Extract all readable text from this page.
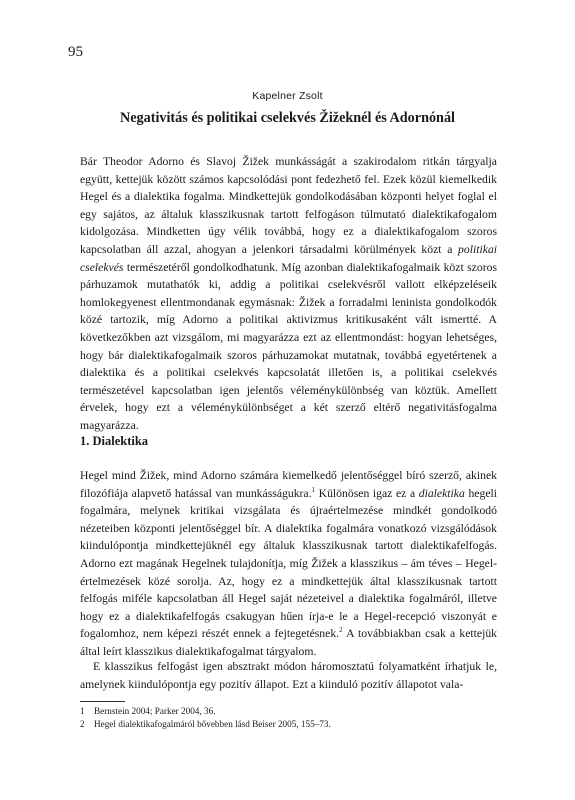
95
Kapelner Zsolt
Negativitás és politikai cselekvés Žižeknél és Adornónál

Bár Theodor Adorno és Slavoj Žižek munkásságát a szakirodalom ritkán tárgyalja együtt, kettejük között számos kapcsolódási pont fedezhető fel. Ezek közül kiemelkedik Hegel és a dialektika fogalma. Mindkettejük gondolkodásában központi helyet foglal el egy sajátos, az általuk klasszikusnak tartott felfogáson túlmutató dialektikafogalom kidolgozása. Mindketten úgy vélik továbbá, hogy ez a dialektikafogalom szoros kapcsolatban áll azzal, ahogyan a jelenkori társadalmi körülmények közt a politikai cselekvés természetéről gondolkodhatunk. Míg azonban dialektikafogalmaik közt szoros párhuzamok mutathatók ki, addig a politikai cselekvésről vallott elképzeléseik homlokegyenest ellentmondanak egymásnak: Žižek a forradalmi leninista gondolkodók közé tartozik, míg Adorno a politikai aktivizmus kritikusaként vált ismertté. A következőkben azt vizsgálom, mi magyarázza ezt az ellentmondást: hogyan lehetséges, hogy bár dialektikafogalmaik szoros párhuzamokat mutatnak, továbbá egyetértenek a dialektika és a politikai cselekvés kapcsolatát illetően is, a politikai cselekvés természetével kapcsolatban igen jelentős véleménykülönbség van köztük. Amellett érvelek, hogy ezt a véleménykülönbséget a két szerző eltérő negativitásfogalma magyarázza.

1. Dialektika

Hegel mind Žižek, mind Adorno számára kiemelkedő jelentőséggel bíró szerző, akinek filozófiája alapvető hatással van munkásságukra.$^1$ Különösen igaz ez a dialektika hegeli fogalmára, melynek kritikai vizsgálata és újraértelmezése mindkét gondolkodó nézeteiben központi jelentőséggel bír. A dialektika fogalmára vonatkozó vizsgálódások kiindulópontja mindkettejüknél egy általuk klasszikusnak tartott dialektikafelfogás. Adorno ezt magának Hegelnek tulajdonítja, míg Žižek a klasszikus – ám téves – Hegel-értelmezések közé sorolja. Az, hogy ez a mindkettejük által klasszikusnak tartott felfogás miféle kapcsolatban áll Hegel saját nézeteivel a dialektika fogalmáról, illetve hogy ez a dialektikafelfogás csakugyan hűen írja-e le a Hegel-recepció viszonyát e fogalomhoz, nem képezi részét ennek a fejtegetésnek.$^2$ A továbbiakban csak a kettejük által leírt klasszikus dialektikafogalmat tárgyalom.

E klasszikus felfogást igen absztrakt módon háromosztatú folyamatként írhatjuk le, amelynek kiindulópontja egy pozitív állapot. Ezt a kiinduló pozitív állapotot vala-

1	Bernstein 2004; Parker 2004, 36.
2	Hegel dialektikafogalmáról bővebben lásd Beiser 2005, 155–73.
